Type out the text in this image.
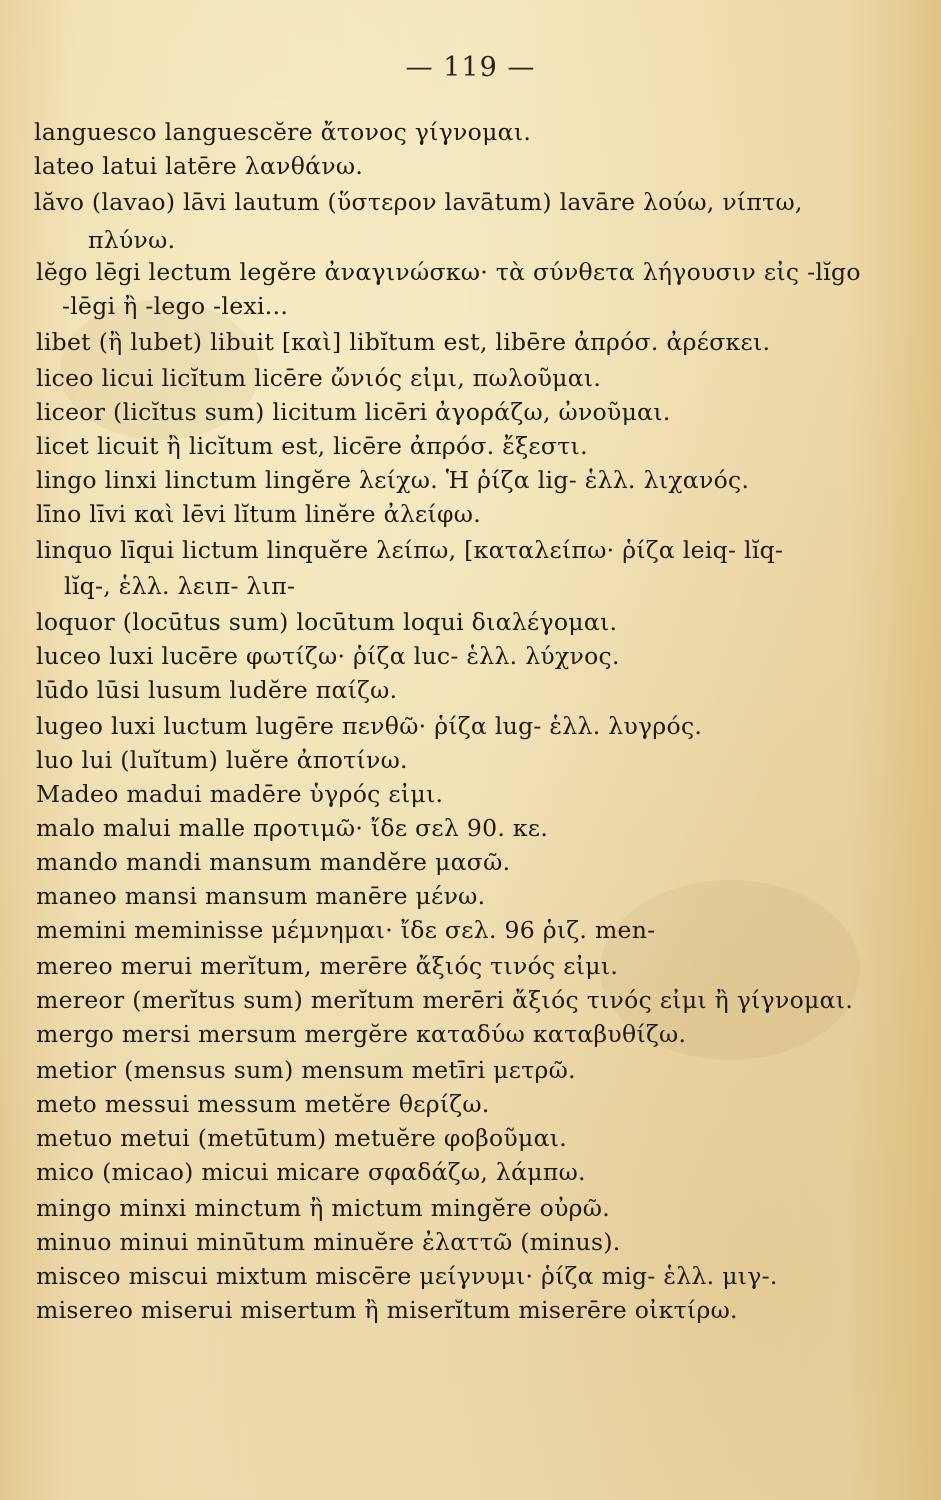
— 119 —
languesco languescĕre ἄτονος γίγνομαι.
lateo latui latēre λανθάνω.
lăvo (lavao) lāvi lautum (ὕστερον lavātum) lavāre λούω, νίπτω,
πλύνω.
lĕgo lēgi lectum legĕre ἀναγινώσκω· τὰ σύνθετα λήγουσιν εἰς -lĭgo
-lēgi ἢ -lego -lexi...
libet (ἢ lubet) libuit [καὶ] libĭtum est, libēre ἀπρόσ. ἀρέσκει.
liceo licui licĭtum licēre ὤνιός εἰμι, πωλοῦμαι.
liceor (licĭtus sum) licitum licēri ἀγοράζω, ὠνοῦμαι.
licet licuit ἢ licĭtum est, licēre ἀπρόσ. ἔξεστι.
lingo linxi linctum lingĕre λείχω. Ἡ ῥίζα lig- ἑλλ. λιχανός.
līno līvi καὶ lēvi lĭtum linĕre ἀλείφω.
linquo līqui lictum linquĕre λείπω, [καταλείπω· ῥίζα leiq- lĭq-
lĭq-, ἑλλ. λειπ- λιπ-
loquor (locūtus sum) locūtum loqui διαλέγομαι.
luceo luxi lucēre φωτίζω· ῥίζα luc- ἑλλ. λύχνος.
lūdo lūsi lusum ludĕre παίζω.
lugeo luxi luctum lugēre πενθῶ· ῥίζα lug- ἑλλ. λυγρός.
luo lui (luĭtum) luĕre ἀποτίνω.
Madeo madui madēre ὑγρός εἰμι.
malo malui malle προτιμῶ· ἴδε σελ 90. κε.
mando mandi mansum mandĕre μασῶ.
maneo mansi mansum manēre μένω.
memini meminisse μέμνημαι· ἴδε σελ. 96 ῥιζ. men-
mereo merui merĭtum, merēre ἄξιός τινός εἰμι.
mereor (merĭtus sum) merĭtum merēri ἄξιός τινός εἰμι ἢ γίγνομαι.
mergo mersi mersum mergĕre καταδύω καταβυθίζω.
metior (mensus sum) mensum metīri μετρῶ.
meto messui messum metĕre θερίζω.
metuo metui (metūtum) metuĕre φοβοῦμαι.
mico (micao) micui micare σφαδάζω, λάμπω.
mingo minxi minctum ἢ mictum mingĕre οὐρῶ.
minuo minui minūtum minuĕre ἐλαττῶ (minus).
misceo miscui mixtum miscēre μείγνυμι· ῥίζα mig- ἑλλ. μιγ-.
misereo miserui misertum ἢ miserĭtum miserēre οἰκτίρω.
